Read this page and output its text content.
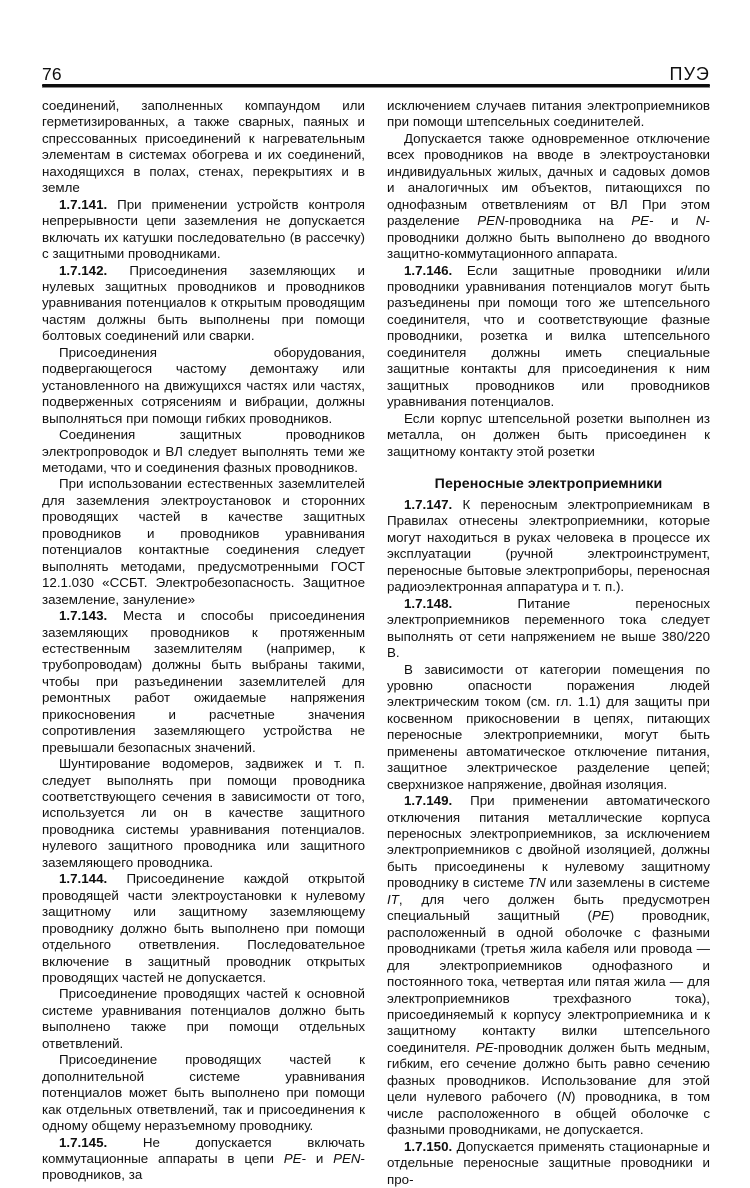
76	ПУЭ

соединений, заполненных компаундом или герметизированных, а также сварных, паяных и спрессованных присоединений к нагревательным элементам в системах обогрева и их соединений, находящихся в полах, стенах, перекрытиях и в земле

1.7.141. При применении устройств контроля непрерывности цепи заземления не допускается включать их катушки последовательно (в рассечку) с защитными проводниками.

1.7.142. Присоединения заземляющих и нулевых защитных проводников и проводников уравнивания потенциалов к открытым проводящим частям должны быть выполнены при помощи болтовых соединений или сварки.

Присоединения оборудования, подвергающегося частому демонтажу или установленного на движущихся частях или частях, подверженных сотрясениям и вибрации, должны выполняться при помощи гибких проводников.

Соединения защитных проводников электропроводок и ВЛ следует выполнять теми же методами, что и соединения фазных проводников.

При использовании естественных заземлителей для заземления электроустановок и сторонних проводящих частей в качестве защитных проводников и проводников уравнивания потенциалов контактные соединения следует выполнять методами, предусмотренными ГОСТ 12.1.030 «ССБТ. Электробезопасность. Защитное заземление, зануление»

1.7.143. Места и способы присоединения заземляющих проводников к протяженным естественным заземлителям (например, к трубопроводам) должны быть выбраны такими, чтобы при разъединении заземлителей для ремонтных работ ожидаемые напряжения прикосновения и расчетные значения сопротивления заземляющего устройства не превышали безопасных значений.

Шунтирование водомеров, задвижек и т. п. следует выполнять при помощи проводника соответствующего сечения в зависимости от того, используется ли он в качестве защитного проводника системы уравнивания потенциалов. нулевого защитного проводника или защитного заземляющего проводника.

1.7.144. Присоединение каждой открытой проводящей части электроустановки к нулевому защитному или защитному заземляющему проводнику должно быть выполнено при помощи отдельного ответвления. Последовательное включение в защитный проводник открытых проводящих частей не допускается.

Присоединение проводящих частей к основной системе уравнивания потенциалов должно быть выполнено также при помощи отдельных ответвлений.

Присоединение проводящих частей к дополнительной системе уравнивания потенциалов может быть выполнено при помощи как отдельных ответвлений, так и присоединения к одному общему неразъемному проводнику.

1.7.145.	Не допускается включать коммутационные аппараты в цепи PE- и PEN-проводников, за

исключением случаев питания электроприемников при помощи штепсельных соединителей.

Допускается также одновременное отключение всех проводников на вводе в электроустановки индивидуальных жилых, дачных и садовых домов и аналогичных им объектов, питающихся по однофазным ответвлениям от ВЛ При этом разделение PEN-проводника на PE- и N-проводники должно быть выполнено до вводного защитно-коммутационного аппарата.

1.7.146. Если защитные проводники и/или проводники уравнивания потенциалов могут быть разъединены при помощи того же штепсельного соединителя, что и соответствующие фазные проводники, розетка и вилка штепсельного соединителя должны иметь специальные защитные контакты для присоединения к ним защитных проводников или проводников уравнивания потенциалов.

Если корпус штепсельной розетки выполнен из металла, он должен быть присоединен к защитному контакту этой розетки

Переносные электроприемники

1.7.147. К переносным электроприемникам в Правилах отнесены электроприемники, которые могут находиться в руках человека в процессе их эксплуатации (ручной электроинструмент, переносные бытовые электроприборы, переносная радиоэлектронная аппаратура и т. п.).

1.7.148.	Питание переносных электроприемников переменного тока следует выполнять от сети напряжением не выше 380/220 В.

В зависимости от категории помещения по уровню опасности поражения людей электрическим током (см. гл. 1.1) для защиты при косвенном прикосновении в цепях, питающих переносные электроприемники, могут быть применены автоматическое отключение питания, защитное электрическое разделение цепей; сверхнизкое напряжение, двойная изоляция.

1.7.149. При применении автоматического отключения питания металлические корпуса переносных электроприемников, за исключением электроприемников с двойной изоляцией, должны быть присоединены к нулевому защитному проводнику в системе TN или заземлены в системе IT, для чего должен быть предусмотрен специальный защитный (PE) проводник, расположенный в одной оболочке с фазными проводниками (третья жила кабеля или провода — для электроприемников однофазного и постоянного тока, четвертая или пятая жила — для электроприемников трехфазного тока), присоединяемый к корпусу электроприемника и к защитному контакту вилки штепсельного соединителя. PE-проводник должен быть медным, гибким, его сечение должно быть равно сечению фазных проводников. Использование для этой цели нулевого рабочего (N) проводника, в том числе расположенного в общей оболочке с фазными проводниками, не допускается.

1.7.150. Допускается применять стационарные и отдельные переносные защитные проводники и про-
